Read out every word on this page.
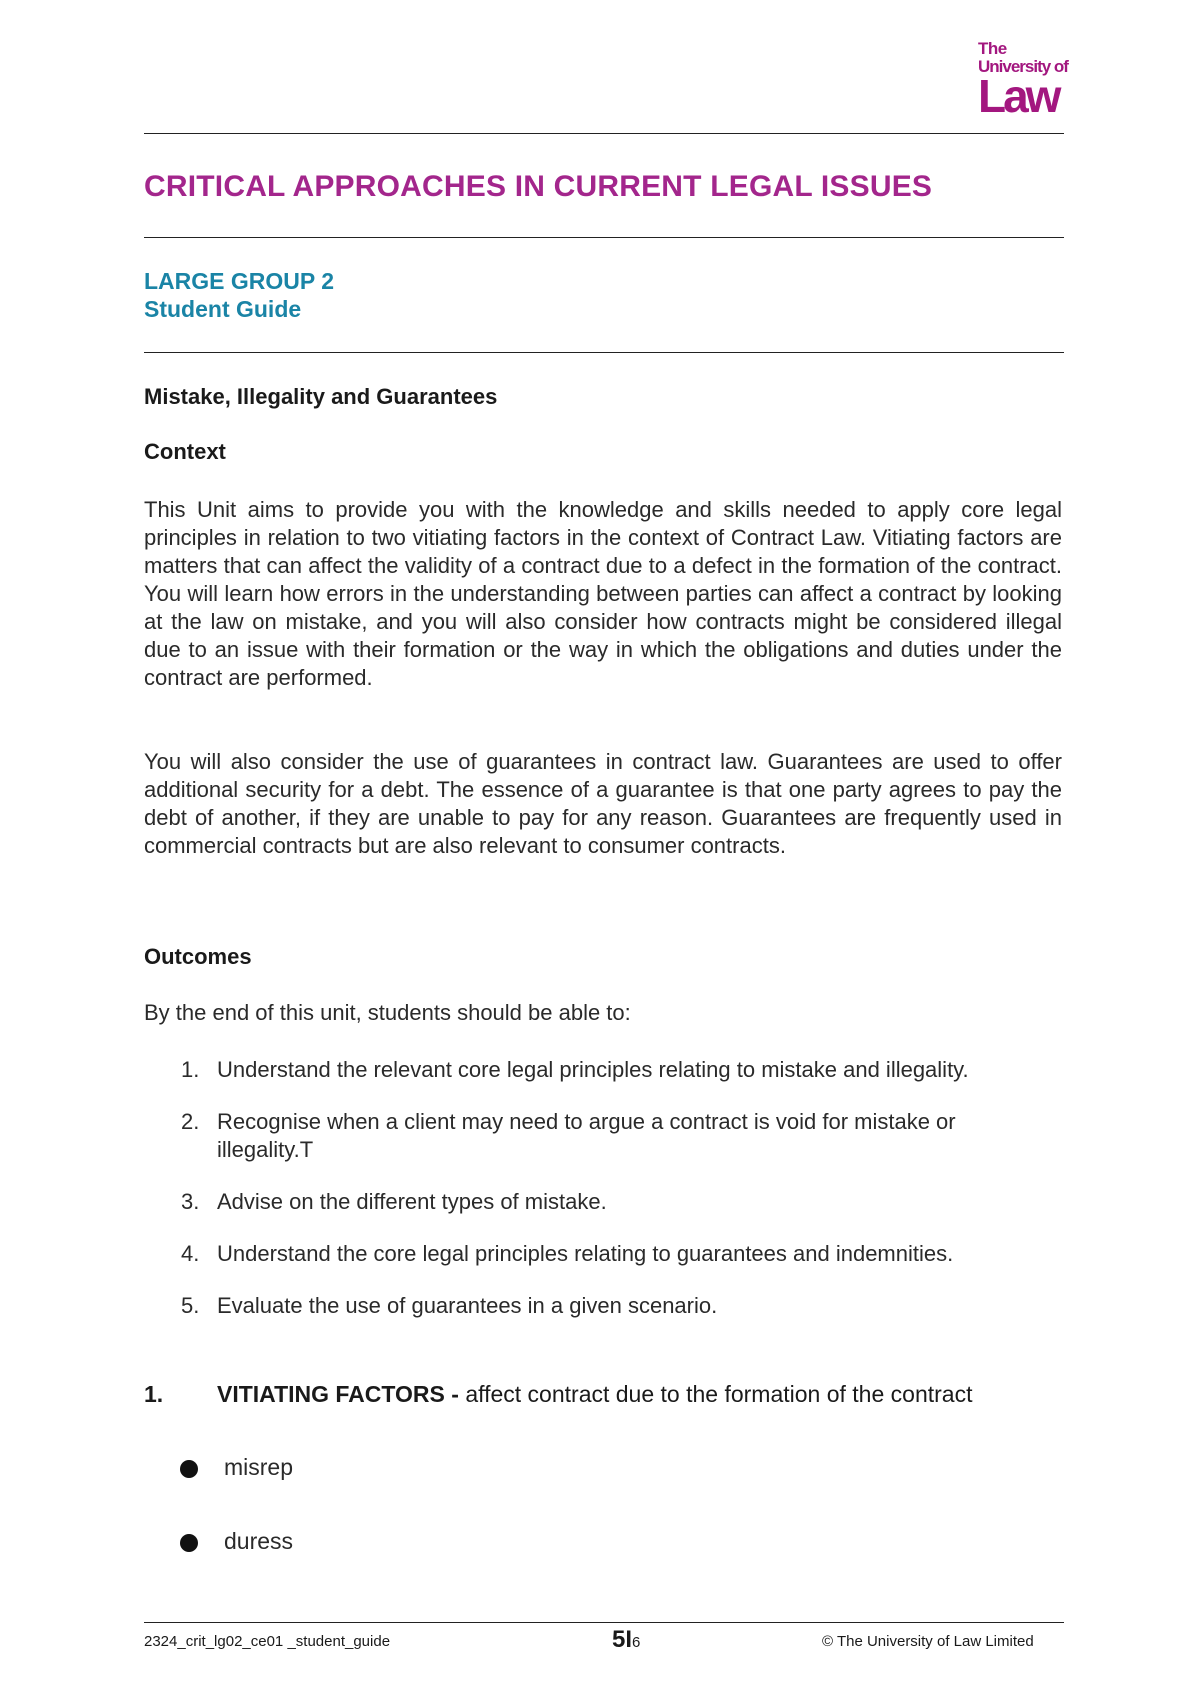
The
University of
Law
CRITICAL APPROACHES IN CURRENT LEGAL ISSUES
LARGE GROUP 2
Student Guide
Mistake, Illegality and Guarantees
Context

This Unit aims to provide you with the knowledge and skills needed to apply core legal principles in relation to two vitiating factors in the context of Contract Law. Vitiating factors are matters that can affect the validity of a contract due to a defect in the formation of the contract. You will learn how errors in the understanding between parties can affect a contract by looking at the law on mistake, and you will also consider how contracts might be considered illegal due to an issue with their formation or the way in which the obligations and duties under the contract are performed.

You will also consider the use of guarantees in contract law. Guarantees are used to offer additional security for a debt. The essence of a guarantee is that one party agrees to pay the debt of another, if they are unable to pay for any reason. Guarantees are frequently used in commercial contracts but are also relevant to consumer contracts.

Outcomes
By the end of this unit, students should be able to:
1. Understand the relevant core legal principles relating to mistake and illegality.
2. Recognise when a client may need to argue a contract is void for mistake or illegality.T
3. Advise on the different types of mistake.
4. Understand the core legal principles relating to guarantees and indemnities.
5. Evaluate the use of guarantees in a given scenario.
1. VITIATING FACTORS - affect contract due to the formation of the contract
misrep
duress
2324_crit_lg02_ce01 _student_guide	5I6	© The University of Law Limited
